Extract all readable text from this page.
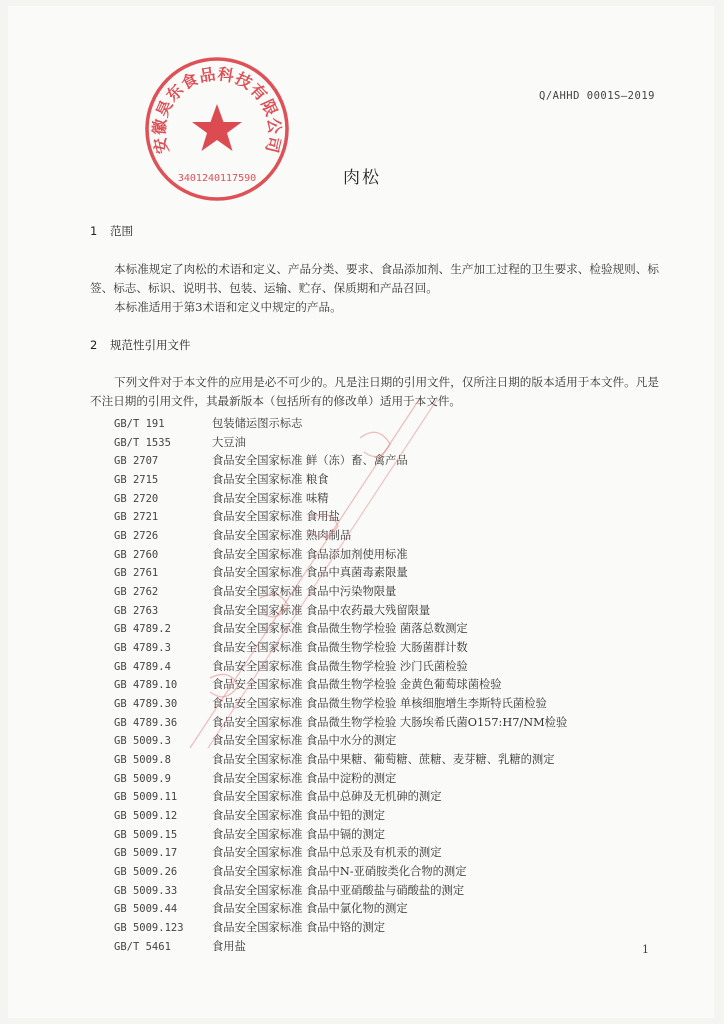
安徽昊东食品科技有限公司
3401240117590
Q/AHHD 0001S—2019
肉松
1 范围

本标准规定了肉松的术语和定义、产品分类、要求、食品添加剂、生产加工过程的卫生要求、检验规则、标签、标志、标识、说明书、包装、运输、贮存、保质期和产品召回。

本标准适用于第3术语和定义中规定的产品。

2 规范性引用文件

下列文件对于本文件的应用是必不可少的。凡是注日期的引用文件，仅所注日期的版本适用于本文件。凡是不注日期的引用文件，其最新版本（包括所有的修改单）适用于本文件。

GB/T 191	包装储运图示标志
GB/T 1535	大豆油
GB 2707	食品安全国家标准 鲜（冻）畜、禽产品
GB 2715	食品安全国家标准 粮食
GB 2720	食品安全国家标准 味精
GB 2721	食品安全国家标准 食用盐
GB 2726	食品安全国家标准 熟肉制品
GB 2760	食品安全国家标准 食品添加剂使用标准
GB 2761	食品安全国家标准 食品中真菌毒素限量
GB 2762	食品安全国家标准 食品中污染物限量
GB 2763	食品安全国家标准 食品中农药最大残留限量
GB 4789.2	食品安全国家标准 食品微生物学检验 菌落总数测定
GB 4789.3	食品安全国家标准 食品微生物学检验 大肠菌群计数
GB 4789.4	食品安全国家标准 食品微生物学检验 沙门氏菌检验
GB 4789.10	食品安全国家标准 食品微生物学检验 金黄色葡萄球菌检验
GB 4789.30	食品安全国家标准 食品微生物学检验 单核细胞增生李斯特氏菌检验
GB 4789.36	食品安全国家标准 食品微生物学检验 大肠埃希氏菌O157:H7/NM检验
GB 5009.3	食品安全国家标准 食品中水分的测定
GB 5009.8	食品安全国家标准 食品中果糖、葡萄糖、蔗糖、麦芽糖、乳糖的测定
GB 5009.9	食品安全国家标准 食品中淀粉的测定
GB 5009.11	食品安全国家标准 食品中总砷及无机砷的测定
GB 5009.12	食品安全国家标准 食品中铅的测定
GB 5009.15	食品安全国家标准 食品中镉的测定
GB 5009.17	食品安全国家标准 食品中总汞及有机汞的测定
GB 5009.26	食品安全国家标准 食品中N-亚硝胺类化合物的测定
GB 5009.33	食品安全国家标准 食品中亚硝酸盐与硝酸盐的测定
GB 5009.44	食品安全国家标准 食品中氯化物的测定
GB 5009.123	食品安全国家标准 食品中铬的测定
GB/T 5461	食用盐	1
